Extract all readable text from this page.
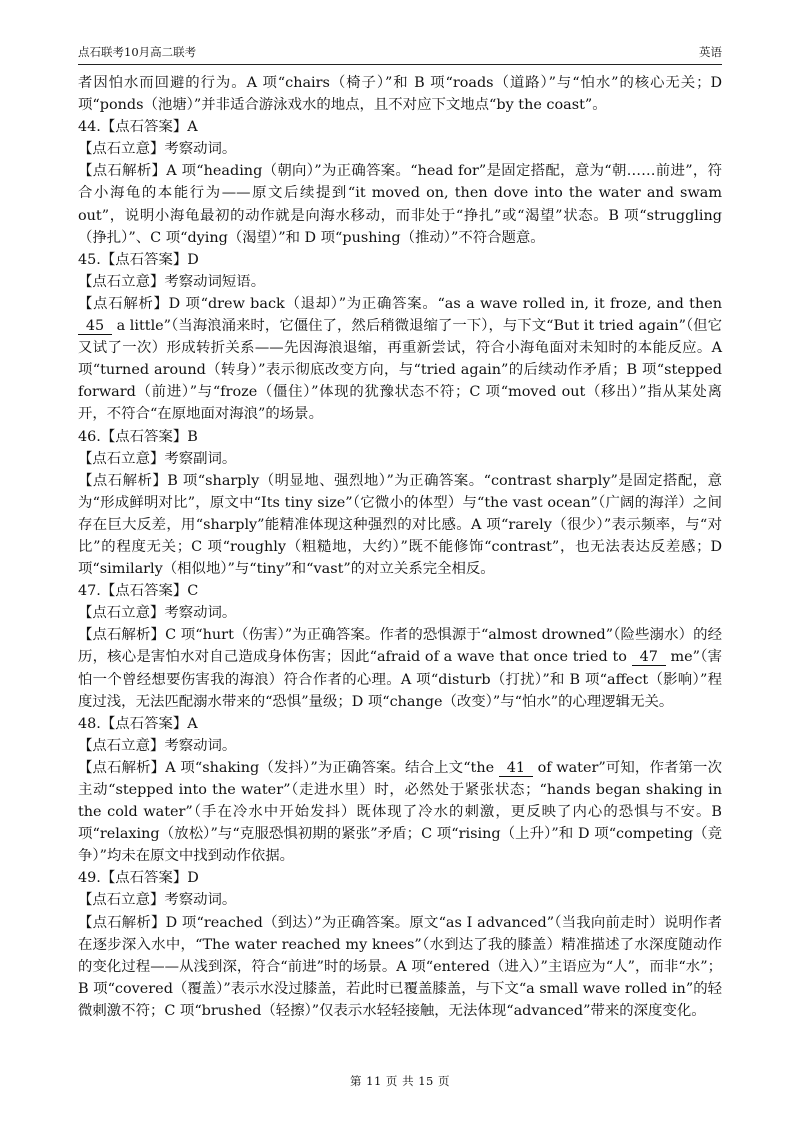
点石联考10月高二联考	英语

者因怕水而回避的行为。A 项“chairs（椅子）”和 B 项“roads（道路）”与“怕水”的核心无关；D 项“ponds（池塘）”并非适合游泳戏水的地点，且不对应下文地点“by the coast”。

44.【点石答案】A

【点石立意】考察动词。

【点石解析】A 项“heading（朝向）”为正确答案。“head for”是固定搭配，意为“朝……前进”，符合小海龟的本能行为——原文后续提到“it moved on, then dove into the water and swam out”，说明小海龟最初的动作就是向海水移动，而非处于“挣扎”或“渴望”状态。B 项“struggling（挣扎）”、C 项“dying（渴望）”和 D 项“pushing（推动）”不符合题意。

45.【点石答案】D

【点石立意】考察动词短语。

【点石解析】D 项“drew back（退却）”为正确答案。“as a wave rolled in, it froze, and then 45 a little”（当海浪涌来时，它僵住了，然后稍微退缩了一下），与下文“But it tried again”（但它又试了一次）形成转折关系——先因海浪退缩，再重新尝试，符合小海龟面对未知时的本能反应。A 项“turned around（转身）”表示彻底改变方向，与“tried again”的后续动作矛盾；B 项“stepped forward（前进）”与“froze（僵住）”体现的犹豫状态不符；C 项“moved out（移出）”指从某处离开，不符合“在原地面对海浪”的场景。

46.【点石答案】B

【点石立意】考察副词。

【点石解析】B 项“sharply（明显地、强烈地）”为正确答案。“contrast sharply”是固定搭配，意为“形成鲜明对比”，原文中“Its tiny size”（它微小的体型）与“the vast ocean”（广阔的海洋）之间存在巨大反差，用“sharply”能精准体现这种强烈的对比感。A 项“rarely（很少）”表示频率，与“对比”的程度无关；C 项“roughly（粗糙地，大约）”既不能修饰“contrast”，也无法表达反差感；D 项“similarly（相似地）”与“tiny”和“vast”的对立关系完全相反。

47.【点石答案】C

【点石立意】考察动词。

【点石解析】C 项“hurt（伤害）”为正确答案。作者的恐惧源于“almost drowned”（险些溺水）的经历，核心是害怕水对自己造成身体伤害；因此“afraid of a wave that once tried to 47 me”（害怕一个曾经想要伤害我的海浪）符合作者的心理。A 项“disturb（打扰）”和 B 项“affect（影响）”程度过浅，无法匹配溺水带来的“恐惧”量级；D 项“change（改变）”与“怕水”的心理逻辑无关。

48.【点石答案】A

【点石立意】考察动词。

【点石解析】A 项“shaking（发抖）”为正确答案。结合上文“the 41 of water”可知，作者第一次主动“stepped into the water”（走进水里）时，必然处于紧张状态；“hands began shaking in the cold water”（手在冷水中开始发抖）既体现了冷水的刺激，更反映了内心的恐惧与不安。B 项“relaxing（放松）”与“克服恐惧初期的紧张”矛盾；C 项“rising（上升）”和 D 项“competing（竞争）”均未在原文中找到动作依据。

49.【点石答案】D

【点石立意】考察动词。

【点石解析】D 项“reached（到达）”为正确答案。原文“as I advanced”（当我向前走时）说明作者在逐步深入水中，“The water reached my knees”（水到达了我的膝盖）精准描述了水深度随动作的变化过程——从浅到深，符合“前进”时的场景。A 项“entered（进入）”主语应为“人”，而非“水”；B 项“covered（覆盖）”表示水没过膝盖，若此时已覆盖膝盖，与下文“a small wave rolled in”的轻微刺激不符；C 项“brushed（轻擦）”仅表示水轻轻接触，无法体现“advanced”带来的深度变化。

第 11 页 共 15 页
